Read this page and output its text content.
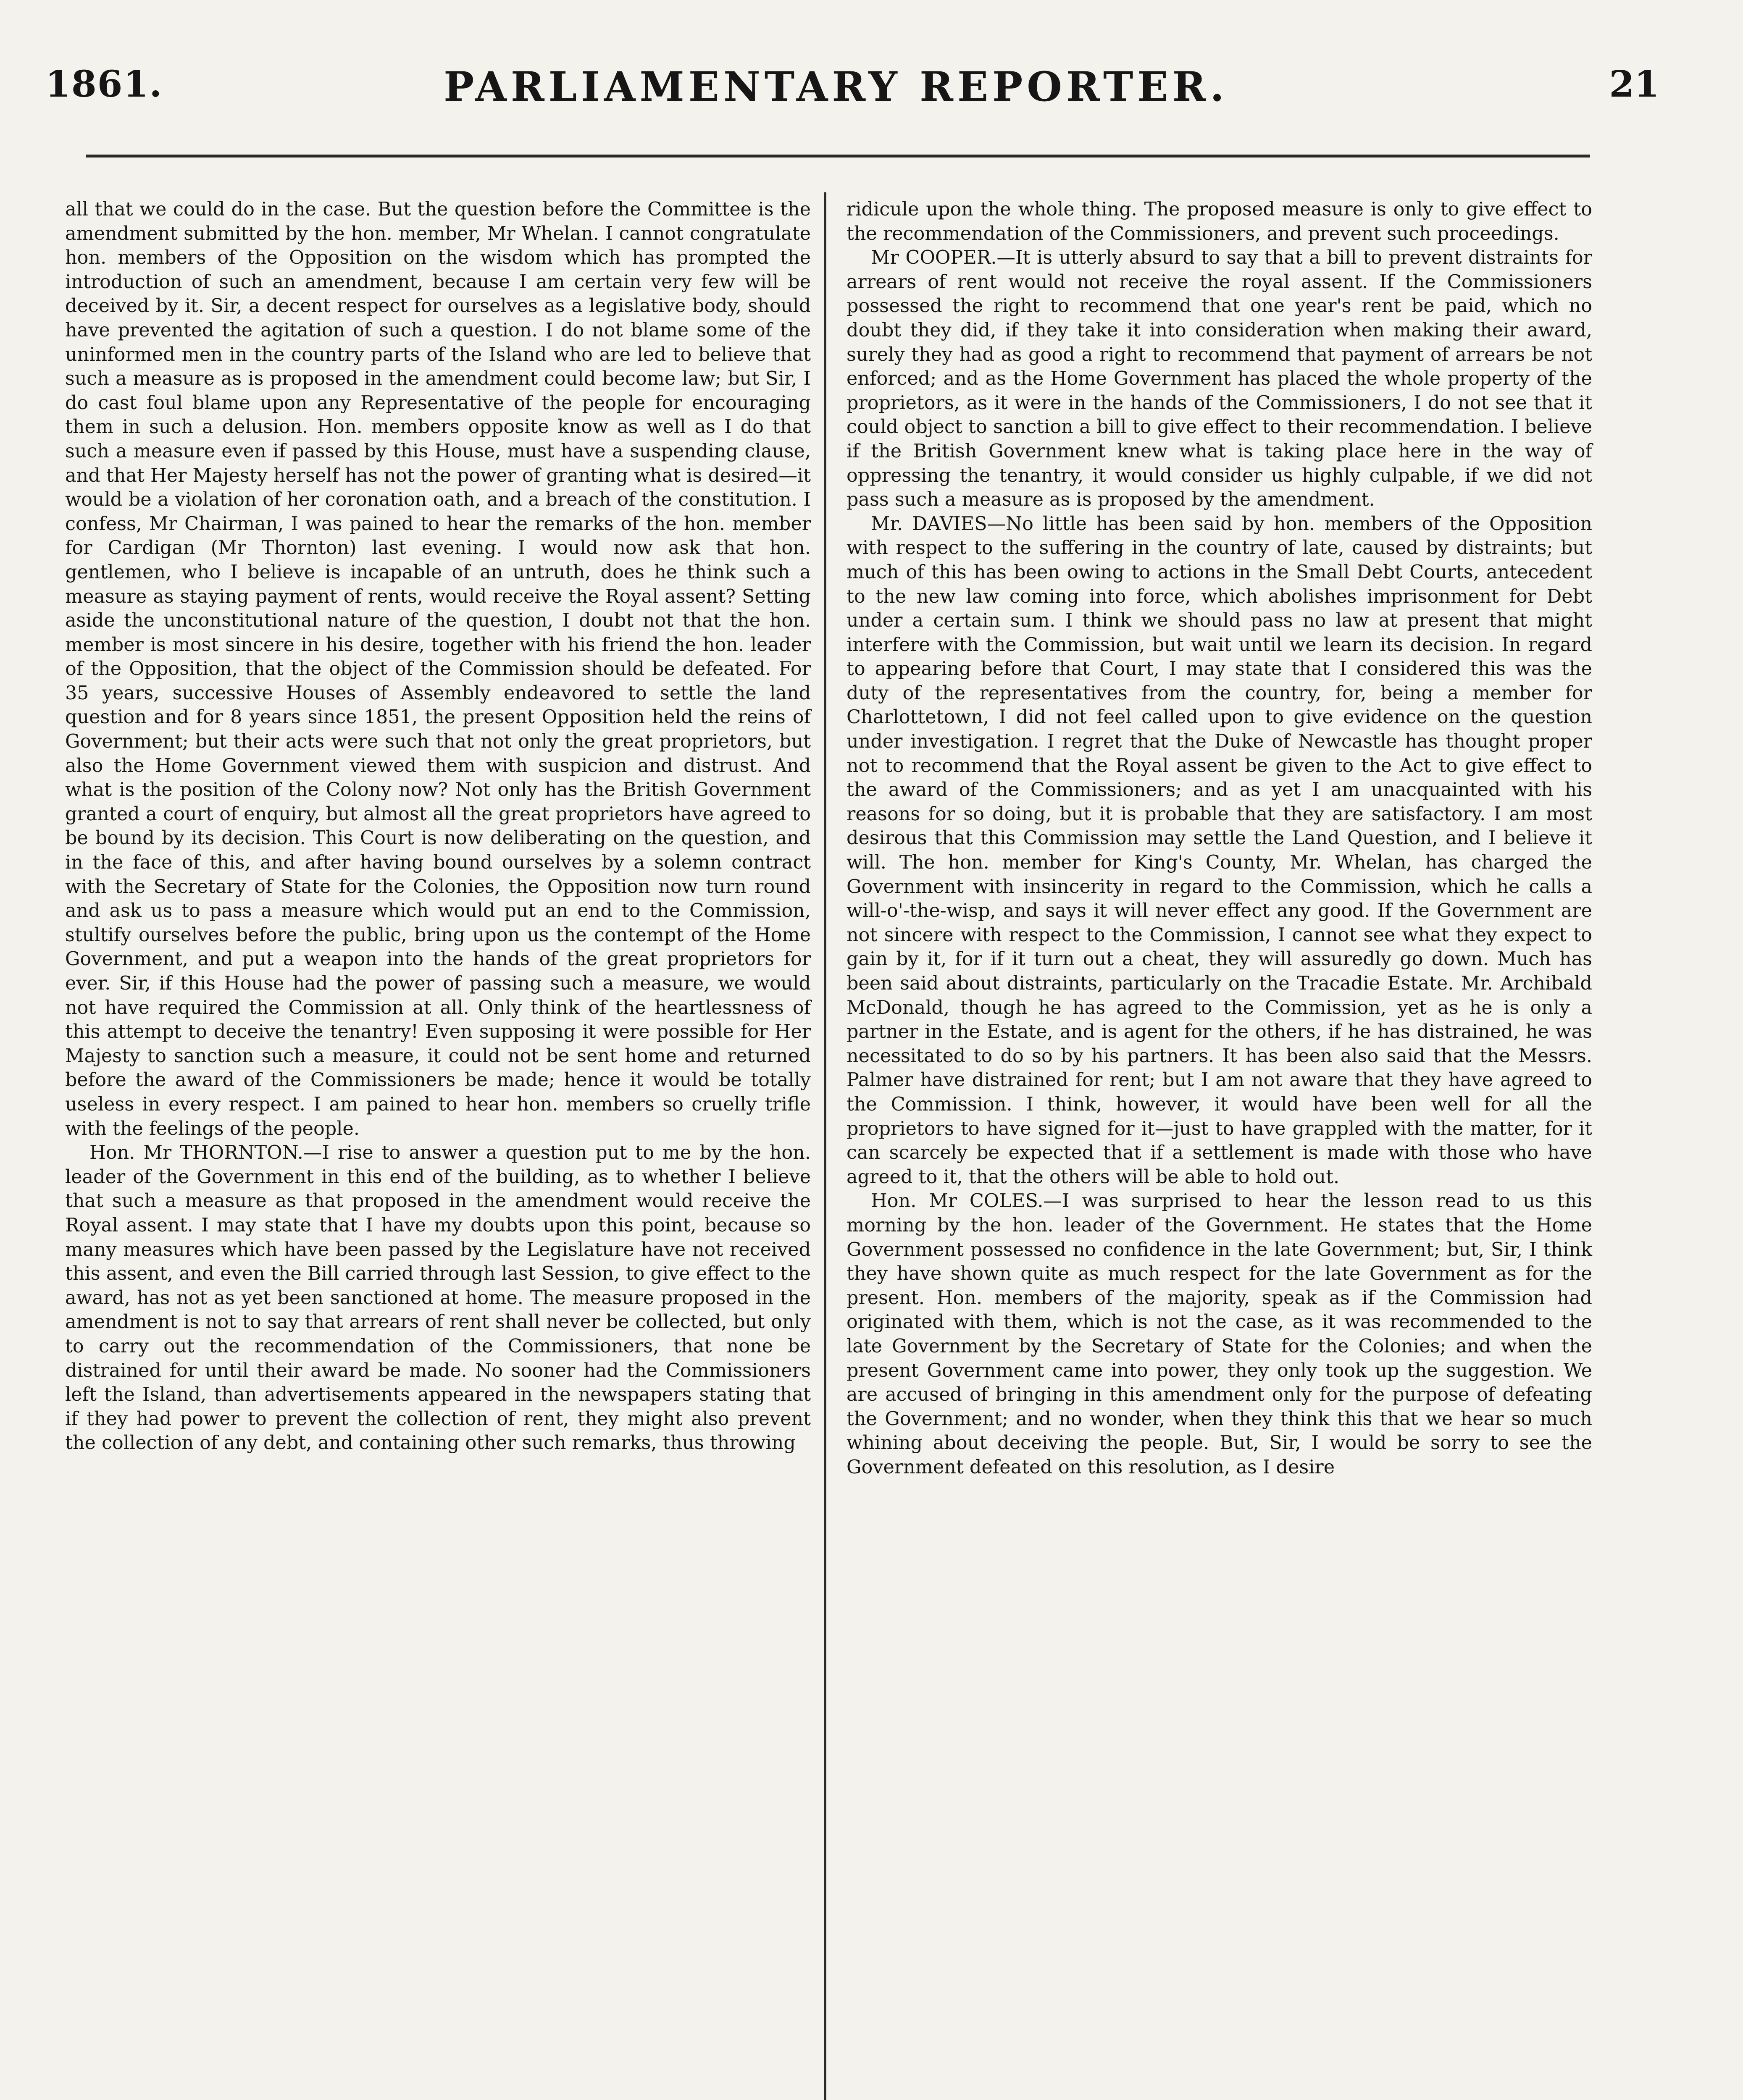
1861.	PARLIAMENTARY REPORTER.	21

all that we could do in the case. But the question before the Committee is the amendment submitted by the hon. member, Mr Whelan. I cannot congratulate hon. members of the Opposition on the wisdom which has prompted the introduction of such an amendment, because I am certain very few will be deceived by it. Sir, a decent respect for ourselves as a legislative body, should have prevented the agitation of such a question. I do not blame some of the uninformed men in the country parts of the Island who are led to believe that such a measure as is proposed in the amendment could become law; but Sir, I do cast foul blame upon any Representative of the people for encouraging them in such a delusion. Hon. members opposite know as well as I do that such a measure even if passed by this House, must have a suspending clause, and that Her Majesty herself has not the power of granting what is desired—it would be a violation of her coronation oath, and a breach of the constitution. I confess, Mr Chairman, I was pained to hear the remarks of the hon. member for Cardigan (Mr Thornton) last evening. I would now ask that hon. gentlemen, who I believe is incapable of an untruth, does he think such a measure as staying payment of rents, would receive the Royal assent? Setting aside the unconstitutional nature of the question, I doubt not that the hon. member is most sincere in his desire, together with his friend the hon. leader of the Opposition, that the object of the Commission should be defeated. For 35 years, successive Houses of Assembly endeavored to settle the land question and for 8 years since 1851, the present Opposition held the reins of Government; but their acts were such that not only the great proprietors, but also the Home Government viewed them with suspicion and distrust. And what is the position of the Colony now? Not only has the British Government granted a court of enquiry, but almost all the great proprietors have agreed to be bound by its decision. This Court is now deliberating on the question, and in the face of this, and after having bound ourselves by a solemn contract with the Secretary of State for the Colonies, the Opposition now turn round and ask us to pass a measure which would put an end to the Commission, stultify ourselves before the public, bring upon us the contempt of the Home Government, and put a weapon into the hands of the great proprietors for ever. Sir, if this House had the power of passing such a measure, we would not have required the Commission at all. Only think of the heartlessness of this attempt to deceive the tenantry! Even supposing it were possible for Her Majesty to sanction such a measure, it could not be sent home and returned before the award of the Commissioners be made; hence it would be totally useless in every respect. I am pained to hear hon. members so cruelly trifle with the feelings of the people.

Hon. Mr THORNTON.—I rise to answer a question put to me by the hon. leader of the Government in this end of the building, as to whether I believe that such a measure as that proposed in the amendment would receive the Royal assent. I may state that I have my doubts upon this point, because so many measures which have been passed by the Legislature have not received this assent, and even the Bill carried through last Session, to give effect to the award, has not as yet been sanctioned at home. The measure proposed in the amendment is not to say that arrears of rent shall never be collected, but only to carry out the recommendation of the Commissioners, that none be distrained for until their award be made. No sooner had the Commissioners left the Island, than advertisements appeared in the newspapers stating that if they had power to prevent the collection of rent, they might also prevent the collection of any debt, and containing other such remarks, thus throwing

ridicule upon the whole thing. The proposed measure is only to give effect to the recommendation of the Commissioners, and prevent such proceedings.

Mr COOPER.—It is utterly absurd to say that a bill to prevent distraints for arrears of rent would not receive the royal assent. If the Commissioners possessed the right to recommend that one year's rent be paid, which no doubt they did, if they take it into consideration when making their award, surely they had as good a right to recommend that payment of arrears be not enforced; and as the Home Government has placed the whole property of the proprietors, as it were in the hands of the Commissioners, I do not see that it could object to sanction a bill to give effect to their recommendation. I believe if the British Government knew what is taking place here in the way of oppressing the tenantry, it would consider us highly culpable, if we did not pass such a measure as is proposed by the amendment.

Mr. DAVIES—No little has been said by hon. members of the Opposition with respect to the suffering in the country of late, caused by distraints; but much of this has been owing to actions in the Small Debt Courts, antecedent to the new law coming into force, which abolishes imprisonment for Debt under a certain sum. I think we should pass no law at present that might interfere with the Commission, but wait until we learn its decision. In regard to appearing before that Court, I may state that I considered this was the duty of the representatives from the country, for, being a member for Charlottetown, I did not feel called upon to give evidence on the question under investigation. I regret that the Duke of Newcastle has thought proper not to recommend that the Royal assent be given to the Act to give effect to the award of the Commissioners; and as yet I am unacquainted with his reasons for so doing, but it is probable that they are satisfactory. I am most desirous that this Commission may settle the Land Question, and I believe it will. The hon. member for King's County, Mr. Whelan, has charged the Government with insincerity in regard to the Commission, which he calls a will-o'-the-wisp, and says it will never effect any good. If the Government are not sincere with respect to the Commission, I cannot see what they expect to gain by it, for if it turn out a cheat, they will assuredly go down. Much has been said about distraints, particularly on the Tracadie Estate. Mr. Archibald McDonald, though he has agreed to the Commission, yet as he is only a partner in the Estate, and is agent for the others, if he has distrained, he was necessitated to do so by his partners. It has been also said that the Messrs. Palmer have distrained for rent; but I am not aware that they have agreed to the Commission. I think, however, it would have been well for all the proprietors to have signed for it—just to have grappled with the matter, for it can scarcely be expected that if a settlement is made with those who have agreed to it, that the others will be able to hold out.

Hon. Mr COLES.—I was surprised to hear the lesson read to us this morning by the hon. leader of the Government. He states that the Home Government possessed no confidence in the late Government; but, Sir, I think they have shown quite as much respect for the late Government as for the present. Hon. members of the majority, speak as if the Commission had originated with them, which is not the case, as it was recommended to the late Government by the Secretary of State for the Colonies; and when the present Government came into power, they only took up the suggestion. We are accused of bringing in this amendment only for the purpose of defeating the Government; and no wonder, when they think this that we hear so much whining about deceiving the people. But, Sir, I would be sorry to see the Government defeated on this resolution, as I desire
